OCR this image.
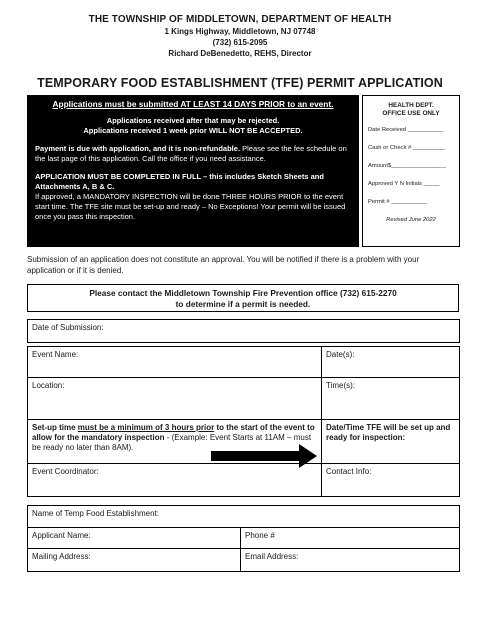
THE TOWNSHIP OF MIDDLETOWN, DEPARTMENT OF HEALTH
1 Kings Highway, Middletown, NJ 07748
(732) 615-2095
Richard DeBenedetto, REHS, Director
TEMPORARY FOOD ESTABLISHMENT (TFE) PERMIT APPLICATION
Applications must be submitted AT LEAST 14 DAYS PRIOR to an event.
Applications received after that may be rejected.
Applications received 1 week prior WILL NOT BE ACCEPTED.
Payment is due with application, and it is non-refundable. Please see the fee schedule on the last page of this application. Call the office if you need assistance.
APPLICATION MUST BE COMPLETED IN FULL – this includes Sketch Sheets and Attachments A, B & C.
If approved, a MANDATORY INSPECTION will be done THREE HOURS PRIOR to the event start time. The TFE site must be set-up and ready – No Exceptions! Your permit will be issued once you pass this inspection.
HEALTH DEPT.
OFFICE USE ONLY
Date Received ___________
Cash or Check # __________
Amount$_________________
Approved Y N Initials _____
Permit # ___________
Revised June 2022
Submission of an application does not constitute an approval. You will be notified if there is a problem with your application or if it is denied.
Please contact the Middletown Township Fire Prevention office (732) 615-2270
to determine if a permit is needed.
Date of Submission:
Event Name:	Date(s):
Location:	Time(s):
Set-up time must be a minimum of 3 hours prior to the start of the event to allow for the mandatory inspection - (Example: Event Starts at 11AM – must be ready no later than 8AM).
Date/Time TFE will be set up and ready for inspection:
Event Coordinator:	Contact Info:
Name of Temp Food Establishment:
Applicant Name:	Phone #
Mailing Address:	Email Address:
